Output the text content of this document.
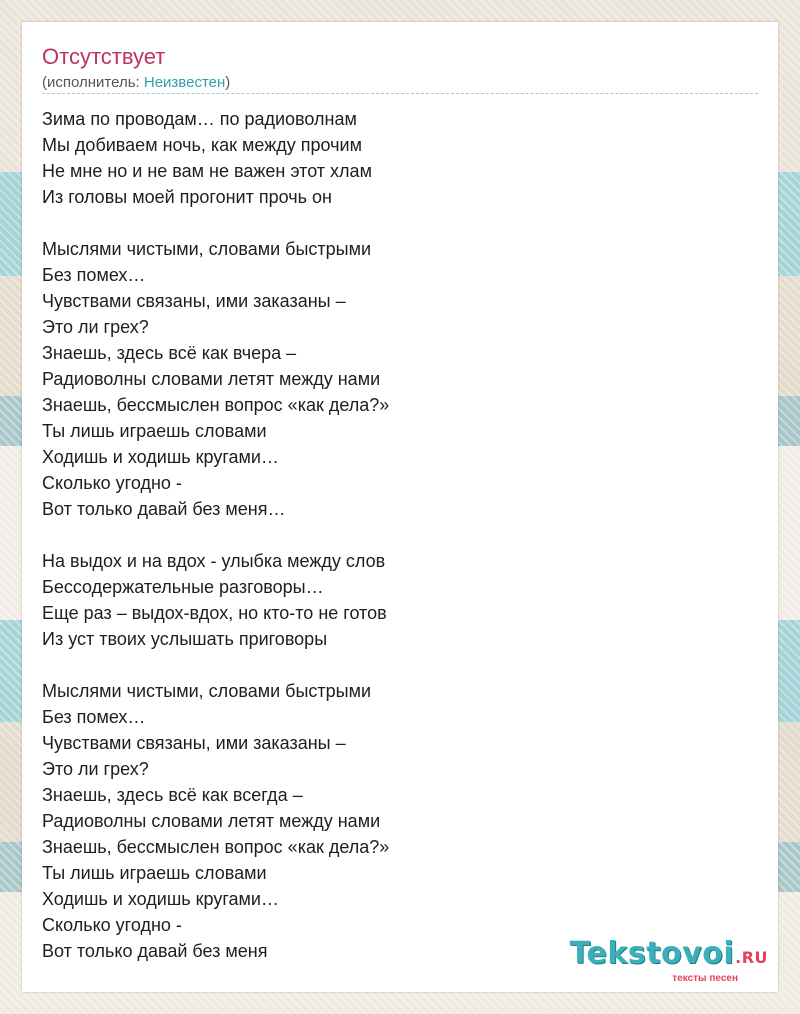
Отсутствует
(исполнитель: Неизвестен)
Зима по проводам… по радиоволнам
Мы добиваем ночь, как между прочим
Не мне но и не вам не важен этот хлам
Из головы моей прогонит прочь он

Мыслями чистыми, словами быстрыми
Без помех…
Чувствами связаны, ими заказаны –
Это ли грех?
Знаешь, здесь всё как вчера –
Радиоволны словами летят между нами
Знаешь, бессмыслен вопрос «как дела?»
Ты лишь играешь словами
Ходишь и ходишь кругами…
Сколько угодно -
Вот только давай без меня…

На выдох и на вдох - улыбка между слов
Бессодержательные разговоры…
Еще раз – выдох-вдох, но кто-то не готов
Из уст твоих услышать приговоры

Мыслями чистыми, словами быстрыми
Без помех…
Чувствами связаны, ими заказаны –
Это ли грех?
Знаешь, здесь всё как всегда –
Радиоволны словами летят между нами
Знаешь, бессмыслен вопрос «как дела?»
Ты лишь играешь словами
Ходишь и ходишь кругами…
Сколько угодно -
Вот только давай без меня	Tekstovoi.RU
тексты песен
